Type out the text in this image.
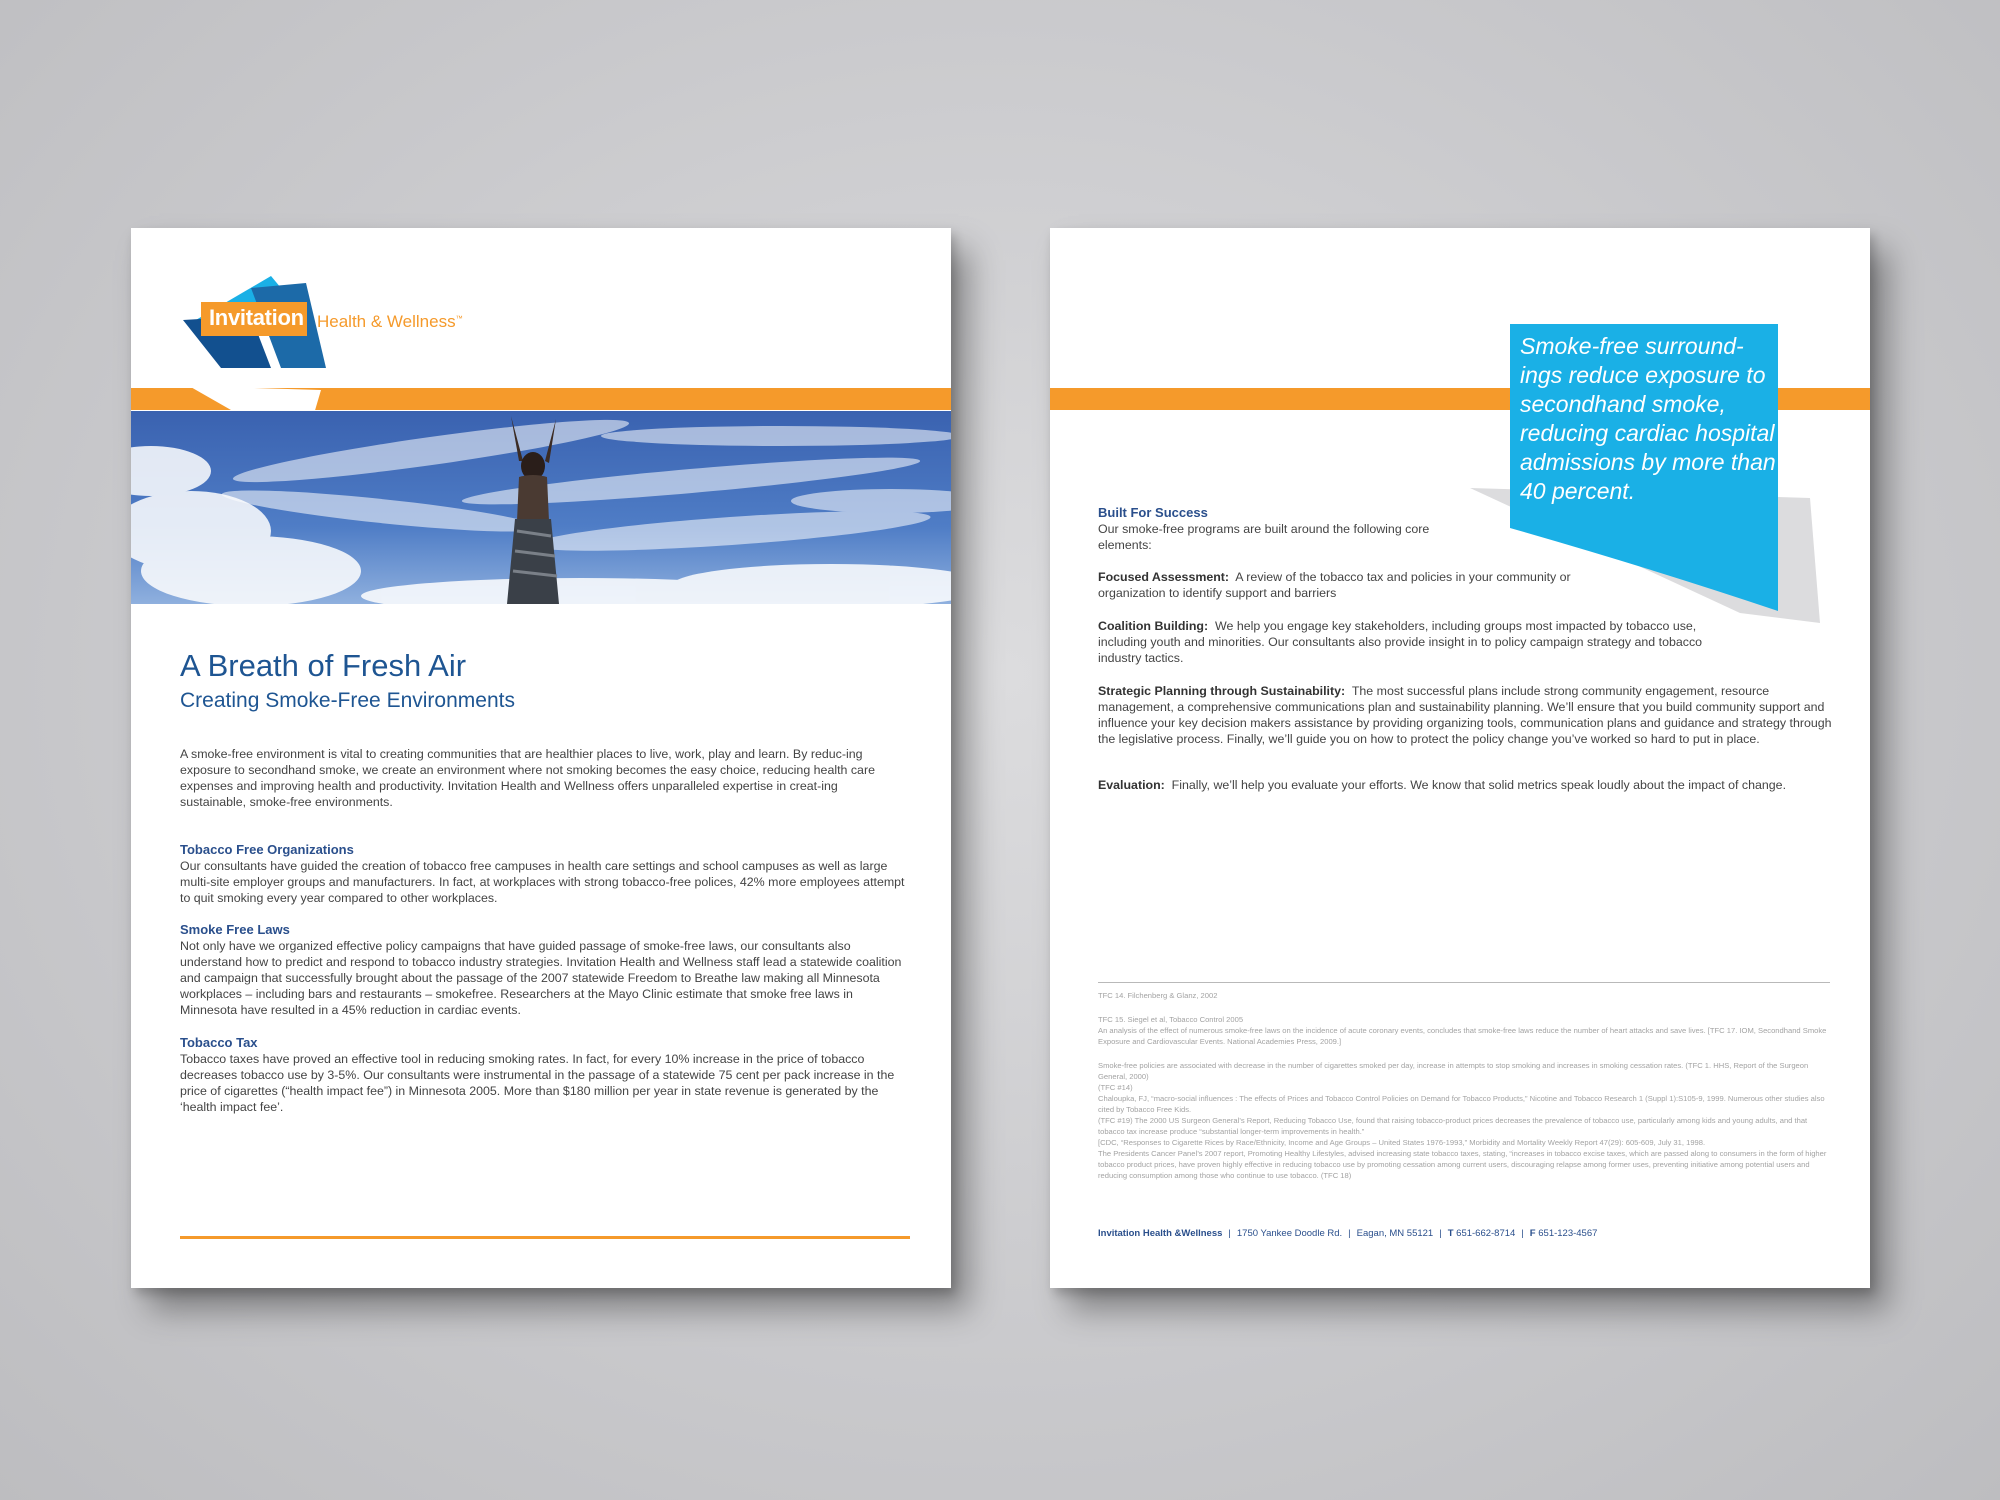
Invitation Health & Wellness™
A Breath of Fresh Air
Creating Smoke-Free Environments

A smoke-free environment is vital to creating communities that are healthier places to live, work, play and learn. By reduc-ing exposure to secondhand smoke, we create an environment where not smoking becomes the easy choice, reducing health care expenses and improving health and productivity. Invitation Health and Wellness offers unparalleled expertise in creat-ing sustainable, smoke-free environments.

Tobacco Free Organizations

Our consultants have guided the creation of tobacco free campuses in health care settings and school campuses as well as large multi-site employer groups and manufacturers. In fact, at workplaces with strong tobacco-free polices, 42% more employees attempt to quit smoking every year compared to other workplaces.

Smoke Free Laws

Not only have we organized effective policy campaigns that have guided passage of smoke-free laws, our consultants also understand how to predict and respond to tobacco industry strategies. Invitation Health and Wellness staff lead a statewide coalition and campaign that successfully brought about the passage of the 2007 statewide Freedom to Breathe law making all Minnesota workplaces – including bars and restaurants – smokefree. Researchers at the Mayo Clinic estimate that smoke free laws in Minnesota have resulted in a 45% reduction in cardiac events.

Tobacco Tax

Tobacco taxes have proved an effective tool in reducing smoking rates. In fact, for every 10% increase in the price of tobacco decreases tobacco use by 3-5%. Our consultants were instrumental in the passage of a statewide 75 cent per pack increase in the price of cigarettes (“health impact fee”) in Minnesota 2005. More than $180 million per year in state revenue is generated by the ‘health impact fee’.

Smoke-free surround-ings reduce exposure to secondhand smoke, reducing cardiac hospital admissions by more than 40 percent.

Built For Success

Our smoke-free programs are built around the following core elements:

Focused Assessment: A review of the tobacco tax and policies in your community or organization to identify support and barriers

Coalition Building: We help you engage key stakeholders, including groups most impacted by tobacco use, including youth and minorities. Our consultants also provide insight in to policy campaign strategy and tobacco industry tactics.

Strategic Planning through Sustainability: The most successful plans include strong community engagement, resource management, a comprehensive communications plan and sustainability planning. We’ll ensure that you build community support and influence your key decision makers assistance by providing organizing tools, communication plans and guidance and strategy through the legislative process. Finally, we’ll guide you on how to protect the policy change you’ve worked so hard to put in place.

Evaluation: Finally, we’ll help you evaluate your efforts. We know that solid metrics speak loudly about the impact of change.

TFC 14. Filchenberg & Glanz, 2002

TFC 15. Siegel et al, Tobacco Control 2005

An analysis of the effect of numerous smoke-free laws on the incidence of acute coronary events, concludes that smoke-free laws reduce the number of heart attacks and save lives. [TFC 17. IOM, Secondhand Smoke Exposure and Cardiovascular Events. National Academies Press, 2009.]

Smoke-free policies are associated with decrease in the number of cigarettes smoked per day, increase in attempts to stop smoking and increases in smoking cessation rates. (TFC 1. HHS, Report of the Surgeon General, 2000)

(TFC #14)

Chaloupka, FJ, “macro-social influences : The effects of Prices and Tobacco Control Policies on Demand for Tobacco Products,” Nicotine and Tobacco Research 1 (Suppl 1):S105-9, 1999. Numerous other studies also cited by Tobacco Free Kids.

(TFC #19) The 2000 US Surgeon General’s Report, Reducing Tobacco Use, found that raising tobacco-product prices decreases the prevalence of tobacco use, particularly among kids and young adults, and that tobacco tax increase produce “substantial longer-term improvements in health.”

[CDC, “Responses to Cigarette Rices by Race/Ethnicity, Income and Age Groups – United States 1976-1993,” Morbidity and Mortality Weekly Report 47(29): 605-609, July 31, 1998.

The Presidents Cancer Panel’s 2007 report, Promoting Healthy Lifestyles, advised increasing state tobacco taxes, stating, “increases in tobacco excise taxes, which are passed along to consumers in the form of higher tobacco product prices, have proven highly effective in reducing tobacco use by promoting cessation among current users, discouraging relapse among former uses, preventing initiative among potential users and reducing consumption among those who continue to use tobacco. (TFC 18)

Invitation Health &Wellness | 1750 Yankee Doodle Rd. | Eagan, MN 55121 | T 651-662-8714 | F 651-123-4567
